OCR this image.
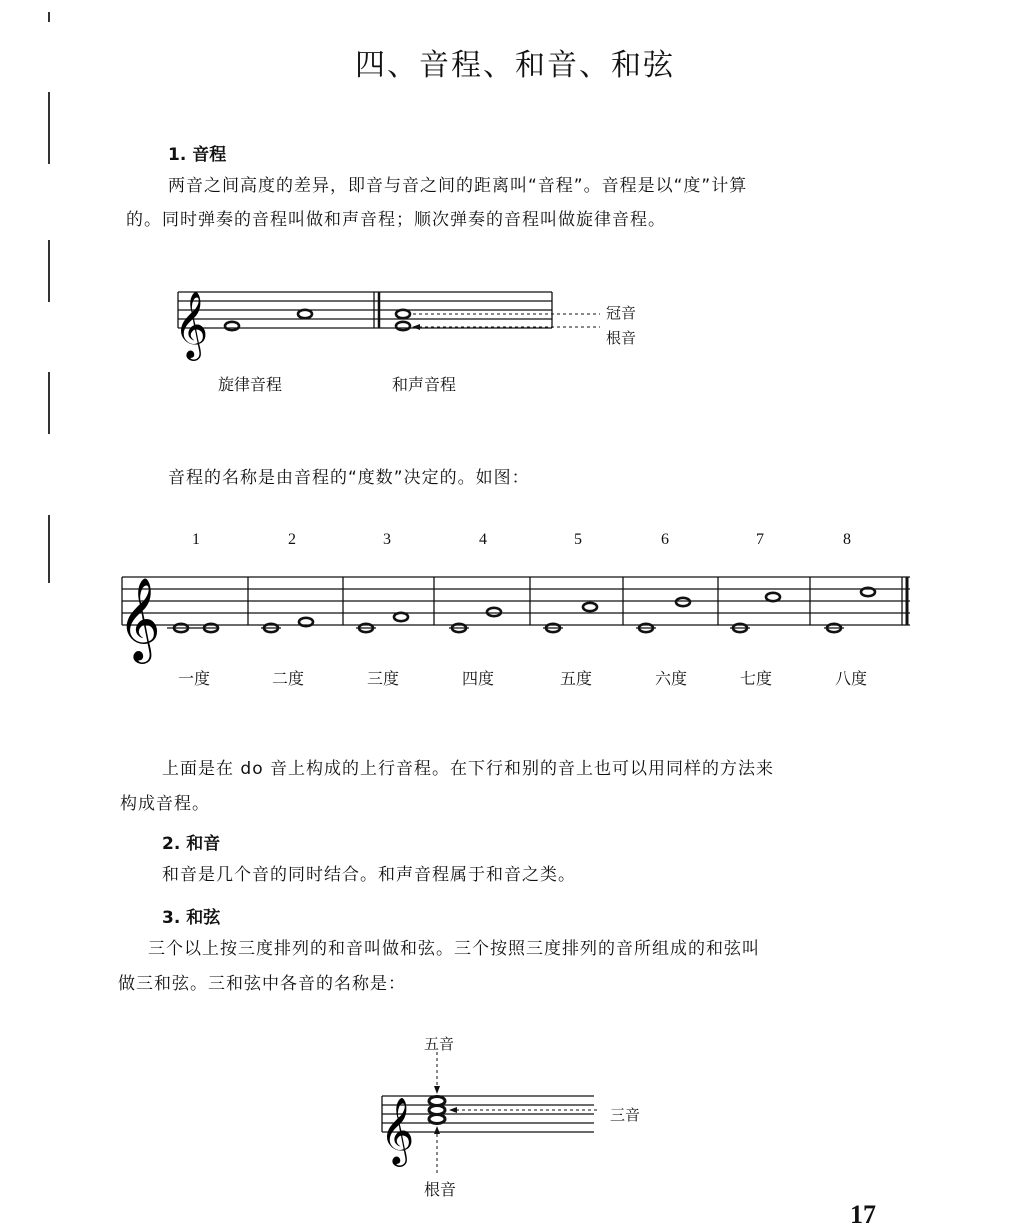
四、音程、和音、和弦
1. 音程
两音之间高度的差异，即音与音之间的距离叫“音程”。音程是以“度”计算
的。同时弹奏的音程叫做和声音程；顺次弹奏的音程叫做旋律音程。
𝄞	冠音
根音
旋律音程	和声音程
音程的名称是由音程的“度数”决定的。如图：
1	2	3	4	5	6	7	8
𝄞
一度	二度	三度	四度	五度	六度	七度	八度
上面是在 do 音上构成的上行音程。在下行和别的音上也可以用同样的方法来
构成音程。
2. 和音
和音是几个音的同时结合。和声音程属于和音之类。
3. 和弦
三个以上按三度排列的和音叫做和弦。三个按照三度排列的音所组成的和弦叫
做三和弦。三和弦中各音的名称是：
五音
三音
根音
𝄞
17
